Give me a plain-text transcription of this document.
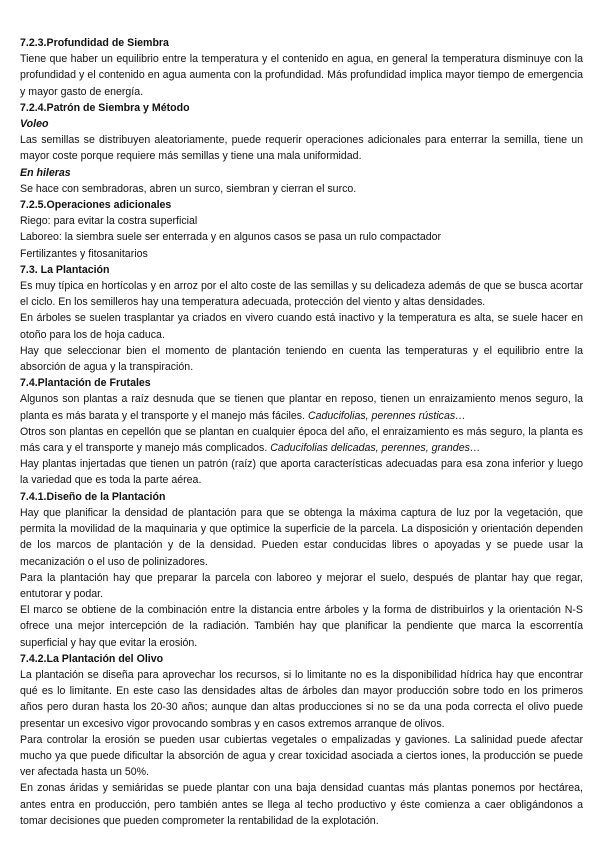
7.2.3.Profundidad de Siembra

Tiene que haber un equilibrio entre la temperatura y el contenido en agua, en general la temperatura disminuye con la profundidad y el contenido en agua aumenta con la profundidad. Más profundidad implica mayor tiempo de emergencia y mayor gasto de energía.

7.2.4.Patrón de Siembra y Método
Voleo

Las semillas se distribuyen aleatoriamente, puede requerir operaciones adicionales para enterrar la semilla, tiene un mayor coste porque requiere más semillas y tiene una mala uniformidad.

En hileras

Se hace con sembradoras, abren un surco, siembran y cierran el surco.

7.2.5.Operaciones adicionales

Riego: para evitar la costra superficial

Laboreo: la siembra suele ser enterrada y en algunos casos se pasa un rulo compactador

Fertilizantes y fitosanitarios

7.3. La Plantación

Es muy típica en hortícolas y en arroz por el alto coste de las semillas y su delicadeza además de que se busca acortar el ciclo. En los semilleros hay una temperatura adecuada, protección del viento y altas densidades.

En árboles se suelen trasplantar ya criados en vivero cuando está inactivo y la temperatura es alta, se suele hacer en otoño para los de hoja caduca.

Hay que seleccionar bien el momento de plantación teniendo en cuenta las temperaturas y el equilibrio entre la absorción de agua y la transpiración.

7.4.Plantación de Frutales

Algunos son plantas a raíz desnuda que se tienen que plantar en reposo, tienen un enraizamiento menos seguro, la planta es más barata y el transporte y el manejo más fáciles. Caducifolias, perennes rústicas…

Otros son plantas en cepellón que se plantan en cualquier época del año, el enraizamiento es más seguro, la planta es más cara y el transporte y manejo más complicados. Caducifolias delicadas, perennes, grandes…

Hay plantas injertadas que tienen un patrón (raíz) que aporta características adecuadas para esa zona inferior y luego la variedad que es toda la parte aérea.

7.4.1.Diseño de la Plantación

Hay que planificar la densidad de plantación para que se obtenga la máxima captura de luz por la vegetación, que permita la movilidad de la maquinaria y que optimice la superficie de la parcela. La disposición y orientación dependen de los marcos de plantación y de la densidad. Pueden estar conducidas libres o apoyadas y se puede usar la mecanización o el uso de polinizadores.

Para la plantación hay que preparar la parcela con laboreo y mejorar el suelo, después de plantar hay que regar, entutorar y podar.

El marco se obtiene de la combinación entre la distancia entre árboles y la forma de distribuirlos y la orientación N-S ofrece una mejor intercepción de la radiación. También hay que planificar la pendiente que marca la escorrentía superficial y hay que evitar la erosión.

7.4.2.La Plantación del Olivo

La plantación se diseña para aprovechar los recursos, si lo limitante no es la disponibilidad hídrica hay que encontrar qué es lo limitante. En este caso las densidades altas de árboles dan mayor producción sobre todo en los primeros años pero duran hasta los 20-30 años; aunque dan altas producciones si no se da una poda correcta el olivo puede presentar un excesivo vigor provocando sombras y en casos extremos arranque de olivos.

Para controlar la erosión se pueden usar cubiertas vegetales o empalizadas y gaviones. La salinidad puede afectar mucho ya que puede dificultar la absorción de agua y crear toxicidad asociada a ciertos iones, la producción se puede ver afectada hasta un 50%.

En zonas áridas y semiáridas se puede plantar con una baja densidad cuantas más plantas ponemos por hectárea, antes entra en producción, pero también antes se llega al techo productivo y éste comienza a caer obligándonos a tomar decisiones que pueden comprometer la rentabilidad de la explotación.
